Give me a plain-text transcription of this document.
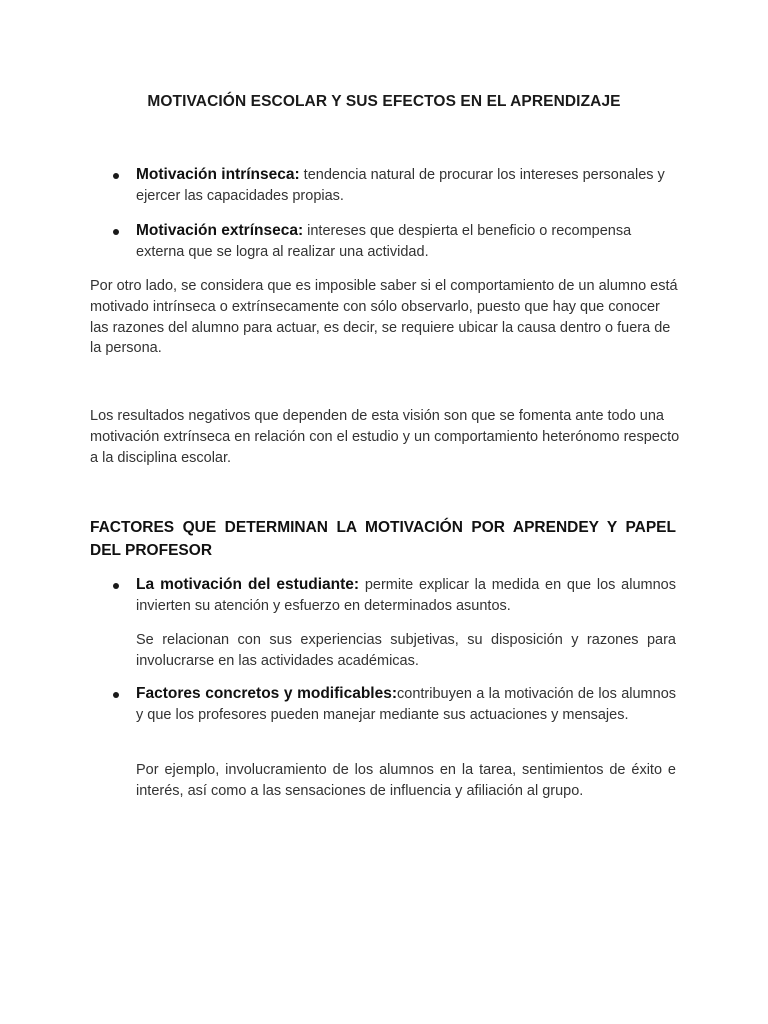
MOTIVACIÓN ESCOLAR Y SUS EFECTOS EN EL APRENDIZAJE
Motivación intrínseca: tendencia natural de procurar los intereses personales y ejercer las capacidades propias.
Motivación extrínseca: intereses que despierta el beneficio o recompensa externa que se logra al realizar una actividad.

Por otro lado, se considera que es imposible saber si el comportamiento de un alumno está motivado intrínseca o extrínsecamente con sólo observarlo, puesto que hay que conocer las razones del alumno para actuar, es decir, se requiere ubicar la causa dentro o fuera de la persona.

Los resultados negativos que dependen de esta visión son que se fomenta ante todo una motivación extrínseca en relación con el estudio y un comportamiento heterónomo respecto a la disciplina escolar.

FACTORES QUE DETERMINAN LA MOTIVACIÓN POR APRENDEY Y PAPEL DEL PROFESOR
La motivación del estudiante: permite explicar la medida en que los alumnos invierten su atención y esfuerzo en determinados asuntos.

Se relacionan con sus experiencias subjetivas, su disposición y razones para involucrarse en las actividades académicas.

Factores concretos y modificables:contribuyen a la motivación de los alumnos y que los profesores pueden manejar mediante sus actuaciones y mensajes.

Por ejemplo, involucramiento de los alumnos en la tarea, sentimientos de éxito e interés, así como a las sensaciones de influencia y afiliación al grupo.
